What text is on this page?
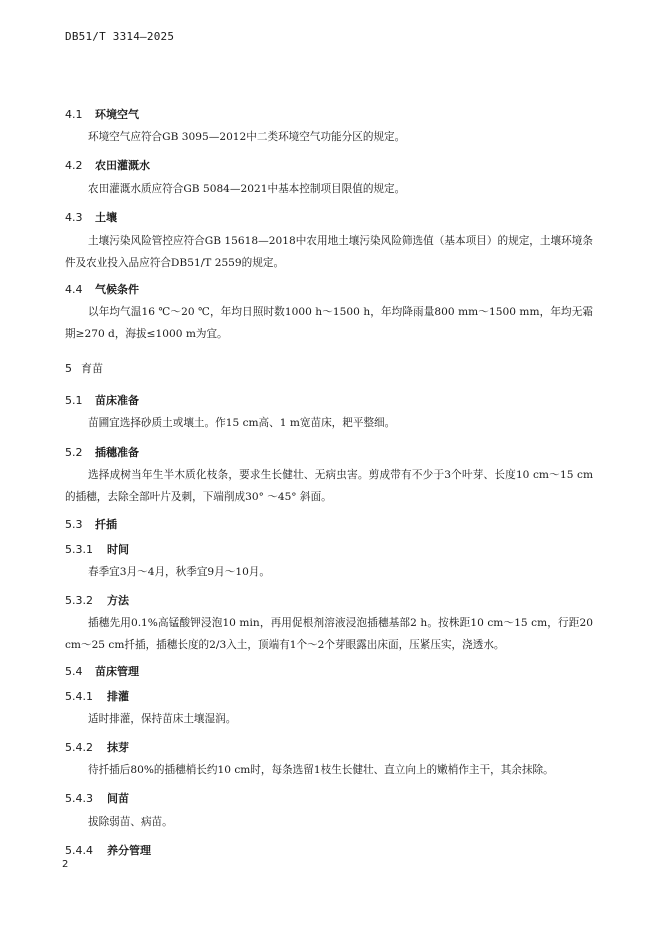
DB51/T 3314—2025
4.1 环境空气
环境空气应符合GB 3095—2012中二类环境空气功能分区的规定。
4.2 农田灌溉水
农田灌溉水质应符合GB 5084—2021中基本控制项目限值的规定。
4.3 土壤
土壤污染风险管控应符合GB 15618—2018中农用地土壤污染风险筛选值（基本项目）的规定，土壤环境条件及农业投入品应符合DB51/T 2559的规定。
4.4 气候条件
以年均气温16 ℃～20 ℃，年均日照时数1000 h～1500 h，年均降雨量800 mm～1500 mm，年均无霜期≥270 d，海拔≤1000 m为宜。
5 育苗
5.1 苗床准备
苗圃宜选择砂质土或壤土。作15 cm高、1 m宽苗床，耙平整细。
5.2 插穗准备
选择成树当年生半木质化枝条，要求生长健壮、无病虫害。剪成带有不少于3个叶芽、长度10 cm～15 cm的插穗，去除全部叶片及刺，下端削成30° ～45° 斜面。
5.3 扦插
5.3.1 时间
春季宜3月～4月，秋季宜9月～10月。
5.3.2 方法
插穗先用0.1%高锰酸钾浸泡10 min，再用促根剂溶液浸泡插穗基部2 h。按株距10 cm～15 cm，行距20 cm～25 cm扦插，插穗长度的2/3入土，顶端有1个～2个芽眼露出床面，压紧压实，浇透水。
5.4 苗床管理
5.4.1 排灌
适时排灌，保持苗床土壤湿润。
5.4.2 抹芽
待扦插后80%的插穗梢长约10 cm时，每条选留1枝生长健壮、直立向上的嫩梢作主干，其余抹除。
5.4.3 间苗
拔除弱苗、病苗。
5.4.4 养分管理
2
